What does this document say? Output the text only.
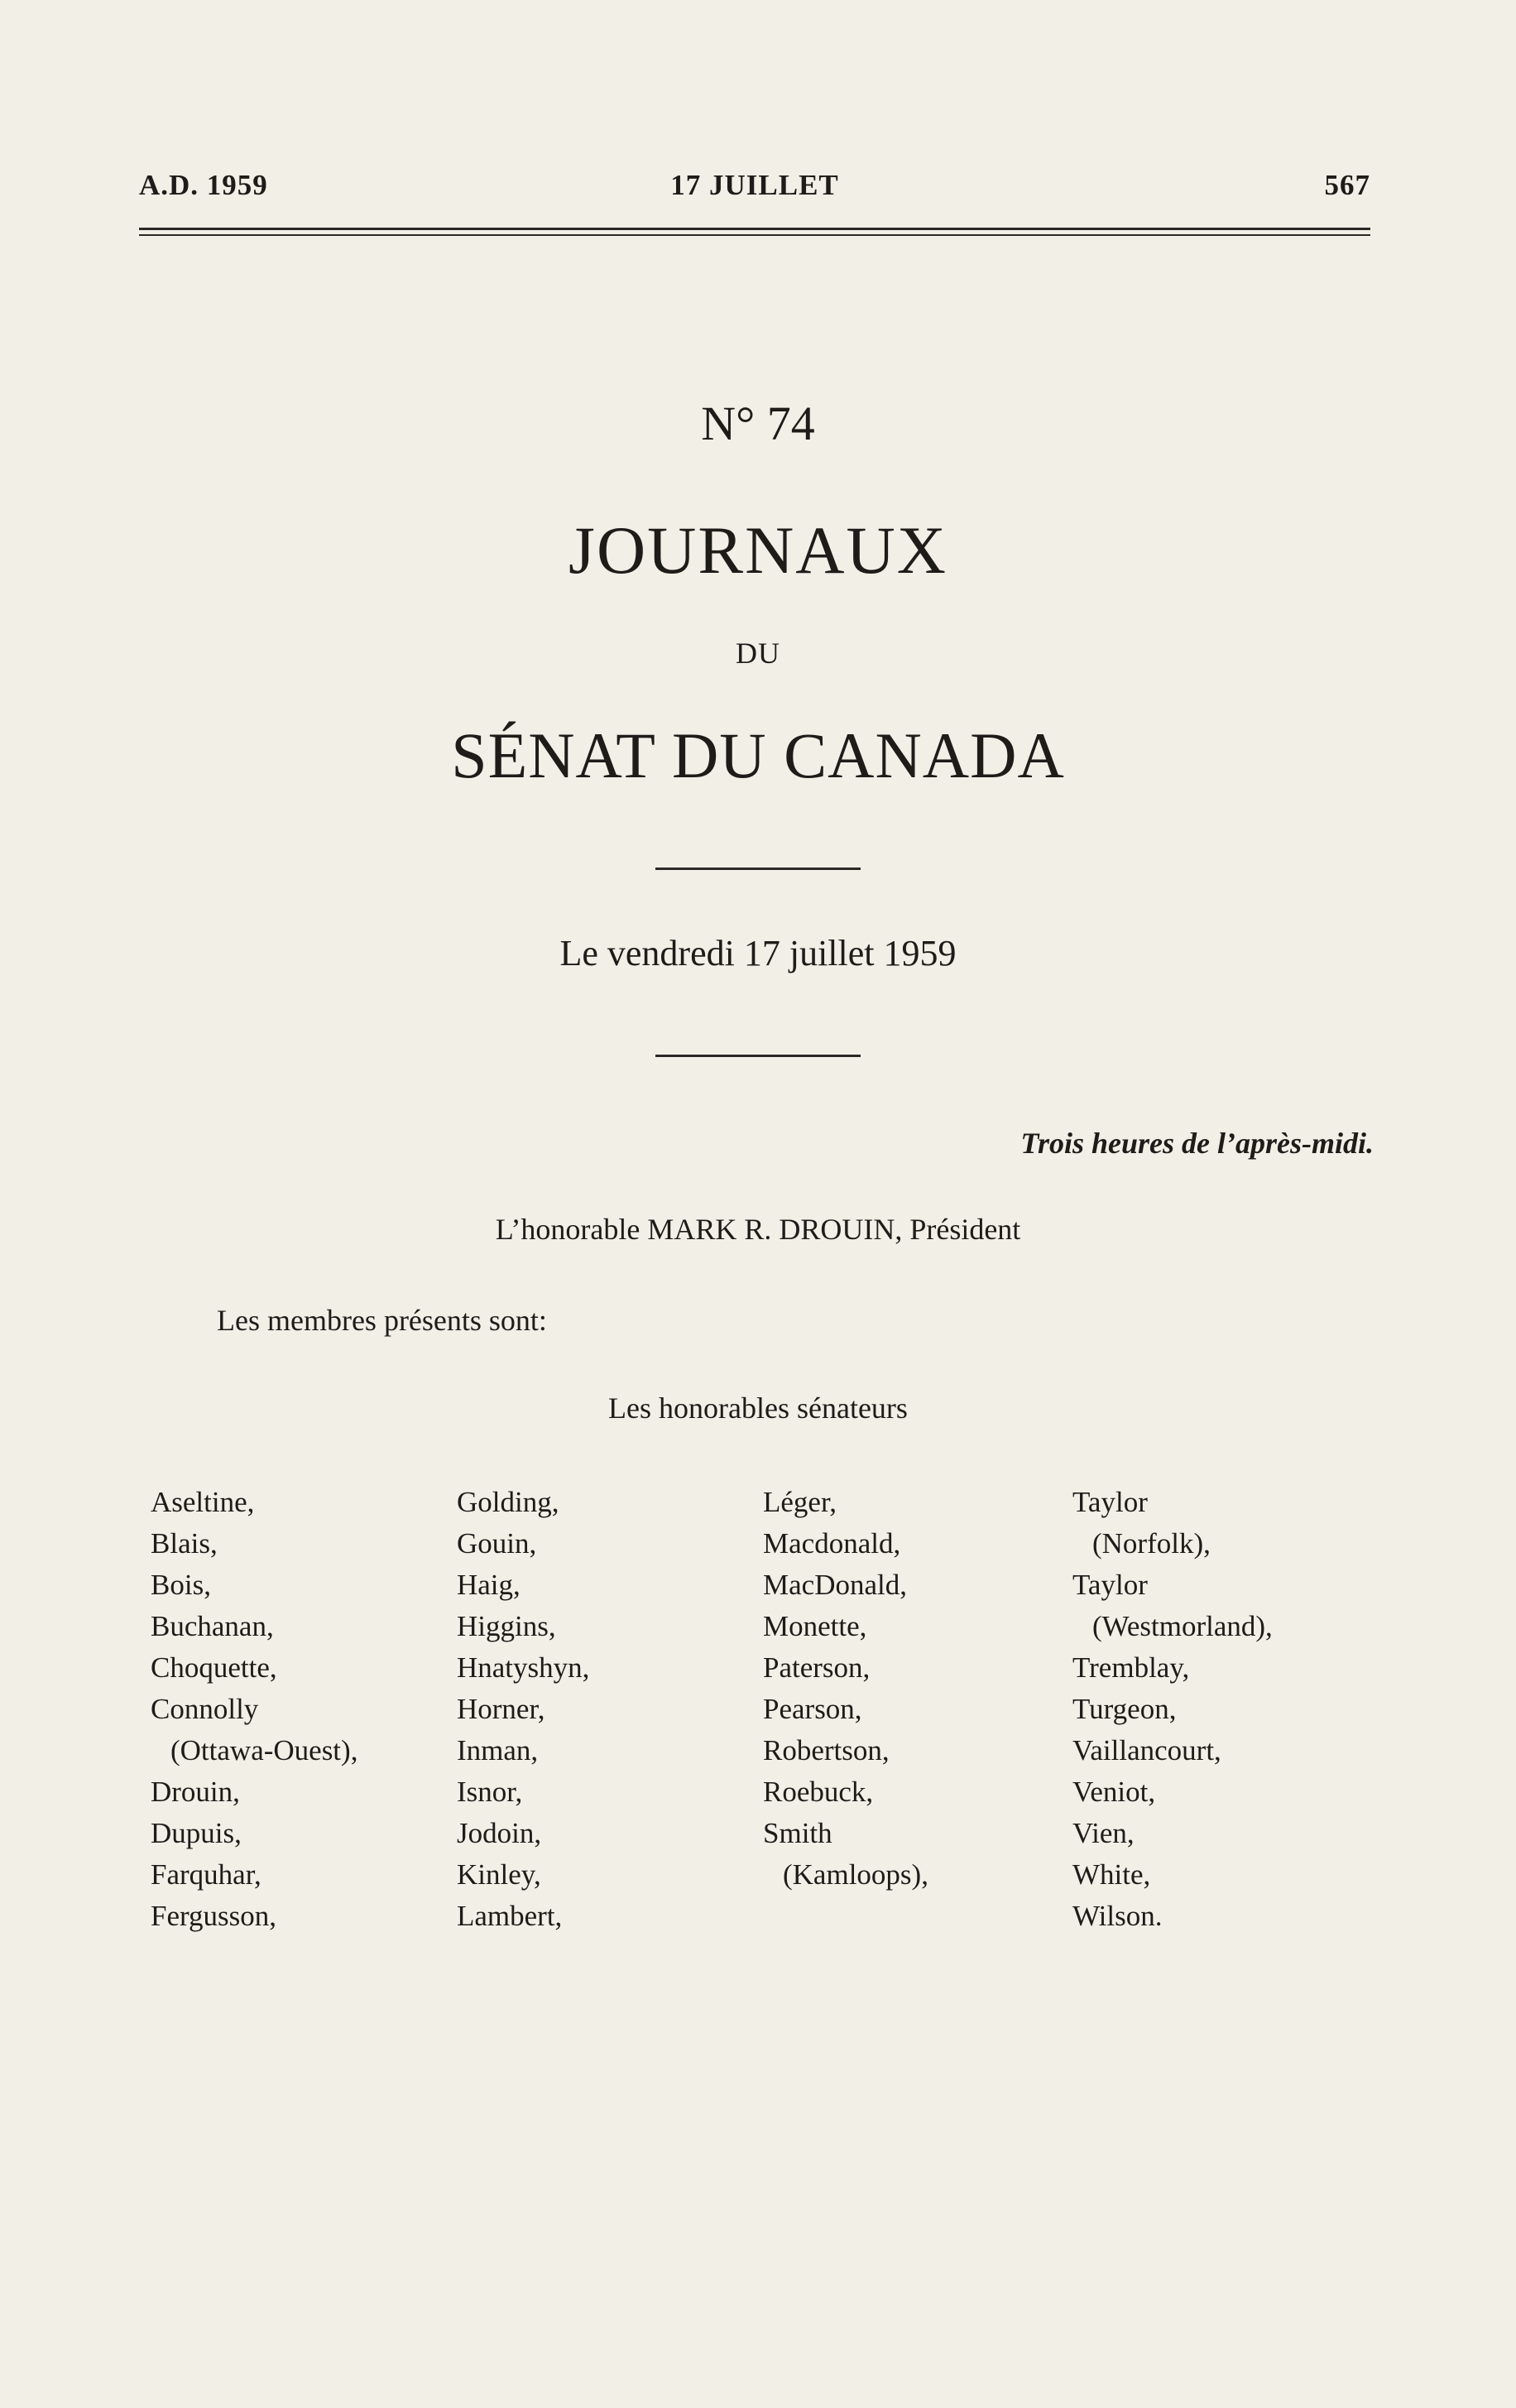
A.D. 1959	17 JUILLET	567
N° 74
JOURNAUX
DU
SÉNAT DU CANADA
Le vendredi 17 juillet 1959
Trois heures de l’après-midi.
L’honorable MARK R. DROUIN, Président
Les membres présents sont:
Les honorables sénateurs
Aseltine,
Blais,
Bois,
Buchanan,
Choquette,
Connolly
(Ottawa-Ouest),
Drouin,
Dupuis,
Farquhar,
Fergusson,
Golding,
Gouin,
Haig,
Higgins,
Hnatyshyn,
Horner,
Inman,
Isnor,
Jodoin,
Kinley,
Lambert,
Léger,
Macdonald,
MacDonald,
Monette,
Paterson,
Pearson,
Robertson,
Roebuck,
Smith
(Kamloops),
Taylor
(Norfolk),
Taylor
(Westmorland),
Tremblay,
Turgeon,
Vaillancourt,
Veniot,
Vien,
White,
Wilson.
